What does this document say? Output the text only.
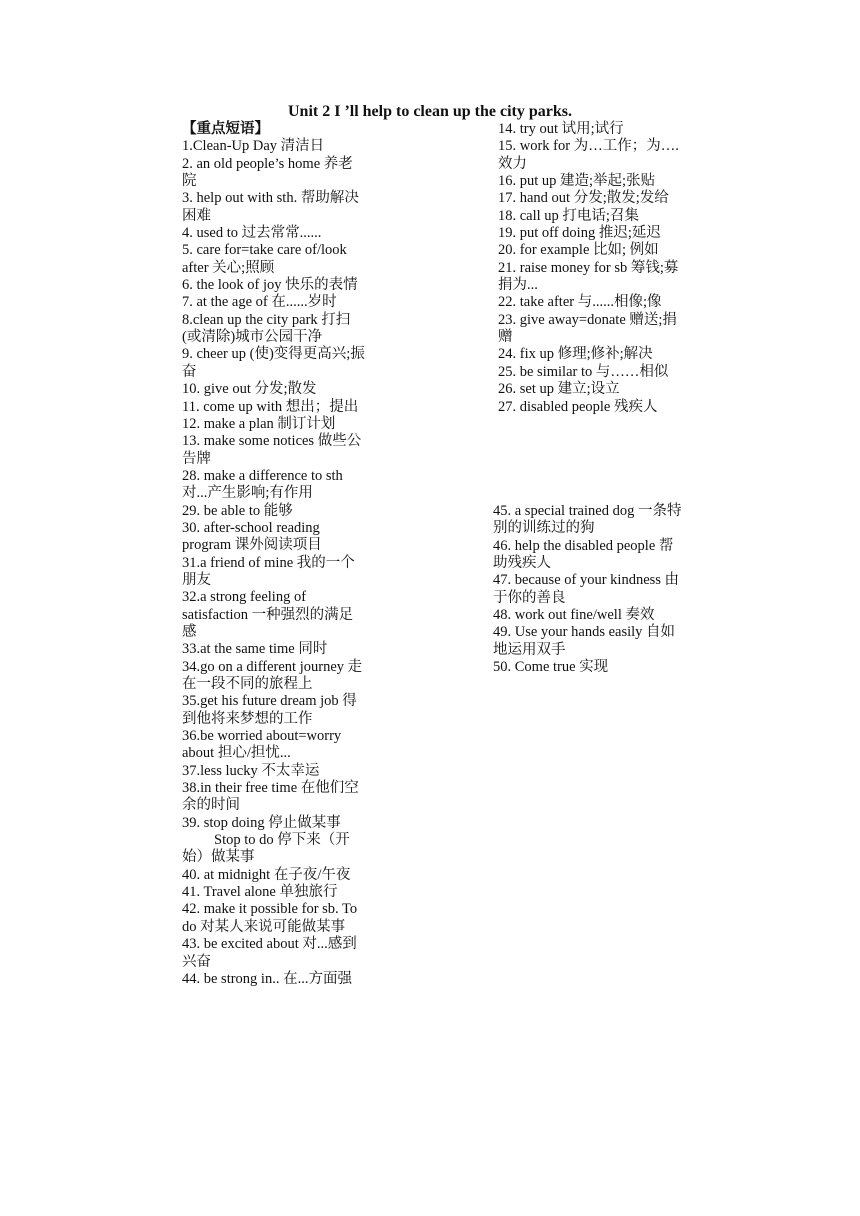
Unit 2 I ’ll help to clean up the city parks.
【重点短语】
1.Clean-Up Day 清洁日
2. an old people’s home 养老院
3. help out with sth. 帮助解决困难
4. used to 过去常常......
5. care for=take care of/look after 关心;照顾
6. the look of joy 快乐的表情
7. at the age of 在......岁时
8.clean up the city park 打扫(或清除)城市公园干净
9. cheer up (使)变得更高兴;振奋
10. give out 分发;散发
11. come up with 想出；提出
12. make a plan 制订计划
13. make some notices 做些公告牌
28. make a difference to sth 对...产生影响;有作用
29. be able to 能够
30. after-school reading program 课外阅读项目
31.a friend of mine 我的一个朋友
32.a strong feeling of satisfaction 一种强烈的满足感
33.at the same time 同时
34.go on a different journey 走在一段不同的旅程上
35.get his future dream job 得到他将来梦想的工作
36.be worried about=worry about 担心/担忧...
37.less lucky 不太幸运
38.in their free time 在他们空余的时间
39. stop doing 停止做某事
Stop to do 停下来（开始）做某事
40. at midnight 在子夜/午夜
41. Travel alone 单独旅行
42. make it possible for sb. To do 对某人来说可能做某事
43. be excited about 对...感到兴奋
44. be strong in.. 在...方面强
14. try out 试用;试行
15. work for 为…工作；为…. 效力
16. put up 建造;举起;张贴
17. hand out 分发;散发;发给
18. call up 打电话;召集
19. put off doing 推迟;延迟
20. for example 比如; 例如
21. raise money for sb 筹钱;募捐为...
22. take after 与......相像;像
23. give away=donate 赠送;捐赠
24. fix up 修理;修补;解决
25. be similar to 与……相似
26. set up 建立;设立
27. disabled people 残疾人
45. a special trained dog 一条特别的训练过的狗
46. help the disabled people 帮助残疾人
47. because of your kindness 由于你的善良
48. work out fine/well 奏效
49. Use your hands easily 自如地运用双手
50. Come true 实现
